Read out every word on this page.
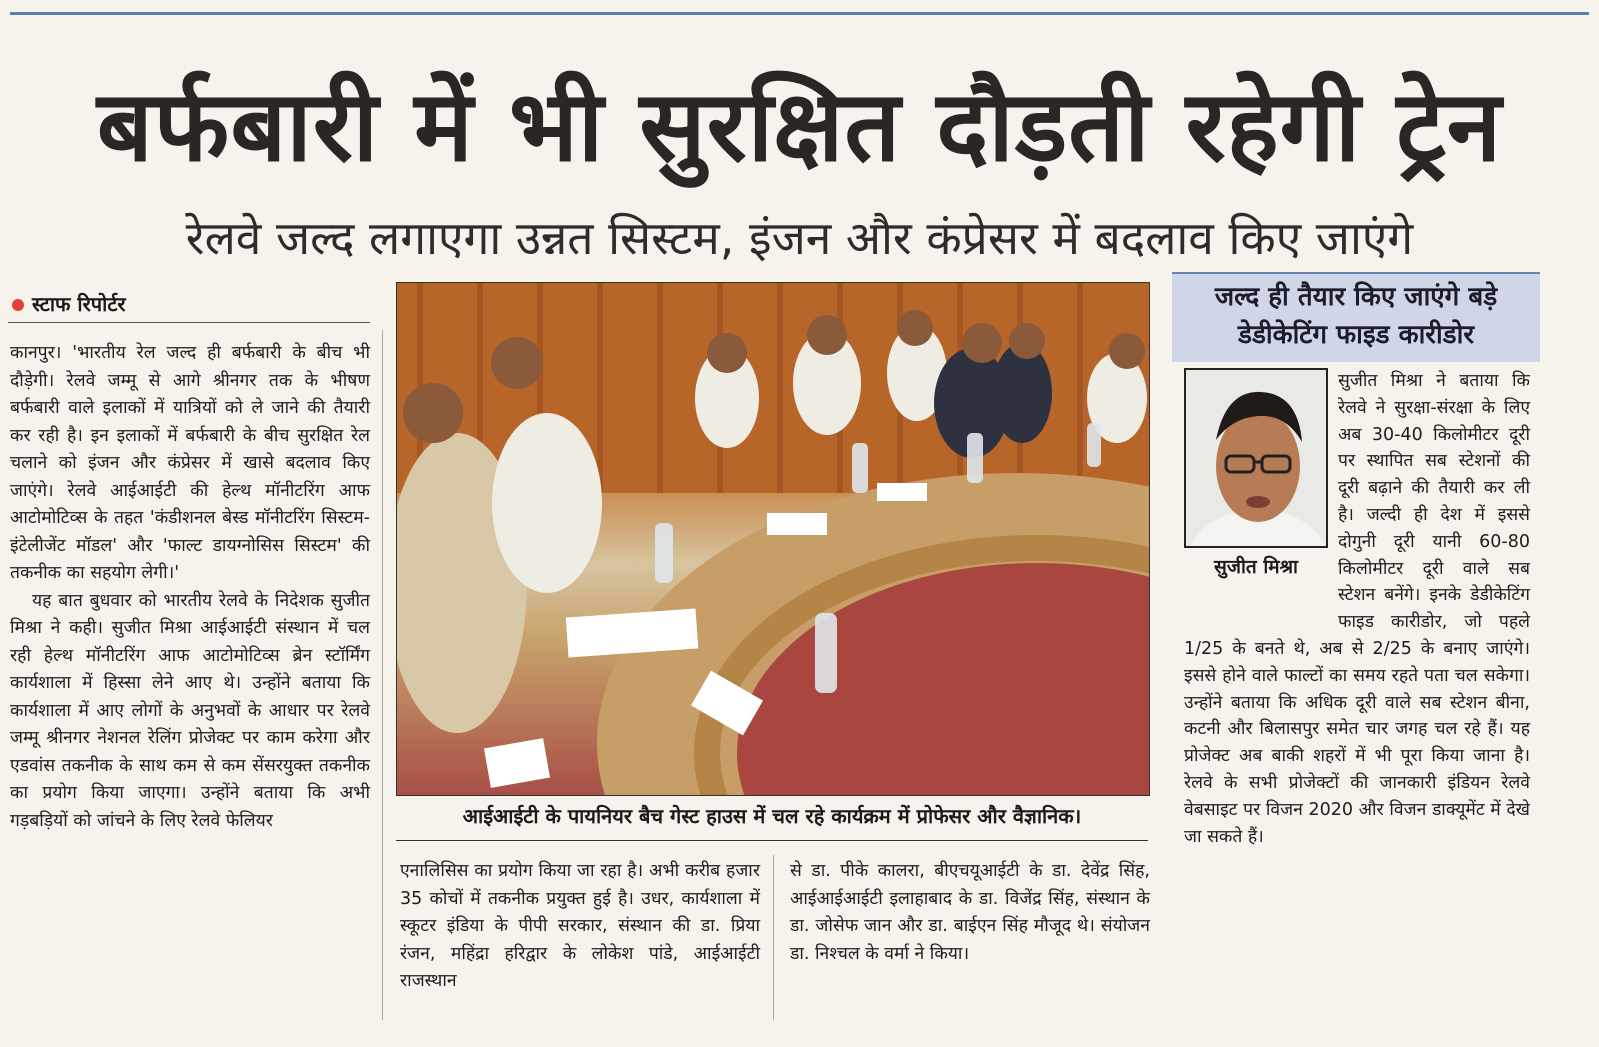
बर्फबारी में भी सुरक्षित दौड़ती रहेगी ट्रेन
रेलवे जल्द लगाएगा उन्नत सिस्टम, इंजन और कंप्रेसर में बदलाव किए जाएंगे
स्टाफ रिपोर्टर

कानपुर। 'भारतीय रेल जल्द ही बर्फबारी के बीच भी दौड़ेगी। रेलवे जम्मू से आगे श्रीनगर तक के भीषण बर्फबारी वाले इलाकों में यात्रियों को ले जाने की तैयारी कर रही है। इन इलाकों में बर्फबारी के बीच सुरक्षित रेल चलाने को इंजन और कंप्रेसर में खासे बदलाव किए जाएंगे। रेलवे आईआईटी की हेल्थ मॉनीटरिंग आफ आटोमोटिव्स के तहत 'कंडीशनल बेस्ड मॉनीटरिंग सिस्टम-इंटेलीजेंट मॉडल' और 'फाल्ट डायग्नोसिस सिस्टम' की तकनीक का सहयोग लेगी।'

यह बात बुधवार को भारतीय रेलवे के निदेशक सुजीत मिश्रा ने कही। सुजीत मिश्रा आईआईटी संस्थान में चल रही हेल्थ मॉनीटरिंग आफ आटोमोटिव्स ब्रेन स्टॉर्मिंग कार्यशाला में हिस्सा लेने आए थे। उन्होंने बताया कि कार्यशाला में आए लोगों के अनुभवों के आधार पर रेलवे जम्मू श्रीनगर नेशनल रेलिंग प्रोजेक्ट पर काम करेगा और एडवांस तकनीक के साथ कम से कम सेंसरयुक्त तकनीक का प्रयोग किया जाएगा। उन्होंने बताया कि अभी गड़बड़ियों को जांचने के लिए रेलवे फेलियर	आईआईटी के पायनियर बैच गेस्ट हाउस में चल रहे कार्यक्रम में प्रोफेसर और वैज्ञानिक।

एनालिसिस का प्रयोग किया जा रहा है। अभी करीब हजार 35 कोचों में तकनीक प्रयुक्त हुई है। उधर, कार्यशाला में स्कूटर इंडिया के पीपी सरकार, संस्थान की डा. प्रिया रंजन, महिंद्रा हरिद्वार के लोकेश पांडे, आईआईटी राजस्थान

से डा. पीके कालरा, बीएचयूआईटी के डा. देवेंद्र सिंह, आईआईआईटी इलाहाबाद के डा. विजेंद्र सिंह, संस्थान के डा. जोसेफ जान और डा. बाईएन सिंह मौजूद थे। संयोजन डा. निश्चल के वर्मा ने किया।

जल्द ही तैयार किए जाएंगे बड़े
डेडीकेटिंग फाइड कारीडोर
सुजीत मिश्रा
सुजीत मिश्रा ने बताया कि रेलवे ने सुरक्षा-संरक्षा के लिए अब 30-40 किलोमीटर दूरी पर स्थापित सब स्टेशनों की दूरी बढ़ाने की तैयारी कर ली है। जल्दी ही देश में इससे दोगुनी दूरी यानी 60-80 किलोमीटर दूरी वाले सब स्टेशन बनेंगे। इनके डेडीकेटिंग फाइड कारीडोर, जो पहले 1/25 के बनते थे, अब से 2/25 के बनाए जाएंगे। इससे होने वाले फाल्टों का समय रहते पता चल सकेगा। उन्होंने बताया कि अधिक दूरी वाले सब स्टेशन बीना, कटनी और बिलासपुर समेत चार जगह चल रहे हैं। यह प्रोजेक्ट अब बाकी शहरों में भी पूरा किया जाना है। रेलवे के सभी प्रोजेक्टों की जानकारी इंडियन रेलवे वेबसाइट पर विजन 2020 और विजन डाक्यूमेंट में देखे जा सकते हैं।
